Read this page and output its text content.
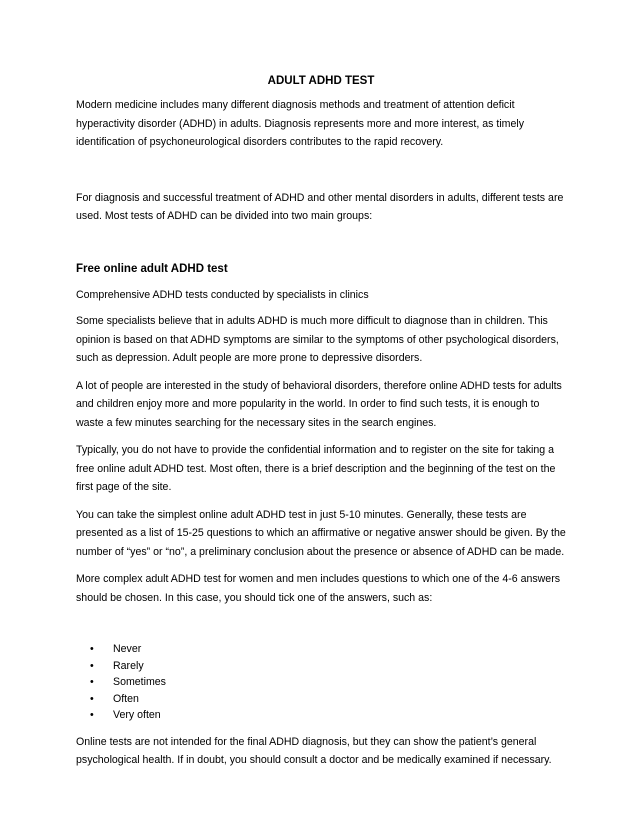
ADULT ADHD TEST

Modern medicine includes many different diagnosis methods and treatment of attention deficit hyperactivity disorder (ADHD) in adults. Diagnosis represents more and more interest, as timely identification of psychoneurological disorders contributes to the rapid recovery.

For diagnosis and successful treatment of ADHD and other mental disorders in adults, different tests are used. Most tests of ADHD can be divided into two main groups:

Free online adult ADHD test

Comprehensive ADHD tests conducted by specialists in clinics

Some specialists believe that in adults ADHD is much more difficult to diagnose than in children. This opinion is based on that ADHD symptoms are similar to the symptoms of other psychological disorders, such as depression. Adult people are more prone to depressive disorders.

A lot of people are interested in the study of behavioral disorders, therefore online ADHD tests for adults and children enjoy more and more popularity in the world. In order to find such tests, it is enough to waste a few minutes searching for the necessary sites in the search engines.

Typically, you do not have to provide the confidential information and to register on the site for taking a free online adult ADHD test. Most often, there is a brief description and the beginning of the test on the first page of the site.

You can take the simplest online adult ADHD test in just 5-10 minutes. Generally, these tests are presented as a list of 15-25 questions to which an affirmative or negative answer should be given. By the number of “yes” or “no”, a preliminary conclusion about the presence or absence of ADHD can be made.

More complex adult ADHD test for women and men includes questions to which one of the 4-6 answers should be chosen. In this case, you should tick one of the answers, such as:

• Never
• Rarely
• Sometimes
• Often
• Very often

Online tests are not intended for the final ADHD diagnosis, but they can show the patient’s general psychological health. If in doubt, you should consult a doctor and be medically examined if necessary.
